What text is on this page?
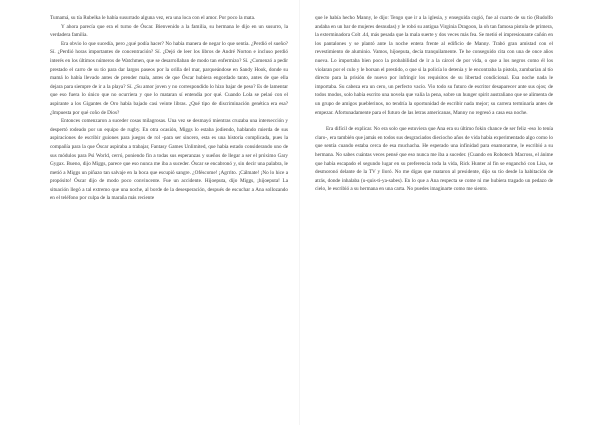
Tumamá, su tía Rubelka le había susurrado alguna vez, era una loca con el amor. Por poco la mata.

Y ahora parecía que era el turno de Óscar. Bienvenido a la familia, su hermana le dijo en un susurro, la verdadera familia.

Era obvio lo que sucedía, pero ¿qué podía hacer? No había manera de negar lo que sentía. ¿Perdió el sueño? Sí. ¿Perdió horas importantes de concentración? Sí. ¿Dejó de leer los libros de André Norton e incluso perdió interés en los últimos números de Watchmen, que se desarrollaban de modo tan enfermizo? Sí. ¿Comenzó a pedir prestado el carro de su tío para dar largos paseos por la orilla del mar, parqueándose en Sandy Hook, donde su mamá lo había llevado antes de prender mala, antes de que Óscar hubiera engordado tanto, antes de que ella dejara para siempre de ir a la playa? Sí. ¿Su amor joven y no correspondido lo hizo bajar de peso? Es de lamentar que eso fuera lo único que no ocurriera y que lo mataran sí entendía por qué. Cuando Lola se pelaó con el aspirante a los Gigantes de Oro había bajado casi veinte libras. ¿Qué tipo de discriminación genética era esa? ¿Impuesta por qué coño de Dios?

Entonces comenzaron a suceder cosas milagrosas. Una vez se desmayó mientras cruzaba una intersección y despertó rodeado por un equipo de rugby. En otra ocasión, Miggs lo estaba jodiendo, hablando mierda de sus aspiraciones de escribir guiones para juegos de rol -para ser sincero, esta es una historia complicada, pues la compañía para la que Óscar aspiraba a trabajar, Fantasy Games Unlimited, que había estado considerando uno de sus módulos para Psi World, cerró, poniendo fin a todas sus esperanzas y sueños de llegar a ser el próximo Gary Gygax. Bueno, dijo Miggs, parece que eso nunca me iba a suceder. Óscar se encabronó y, sin decir una palabra, le metió a Miggs un piñazo tan salvaje en la boca que escupió sangre. ¿Oféscome! ¡Agrrito. ¡Cálmate! ¡No lo hice a propósito! Óscar dijo de modo poco convincente. Fue un accidente. Hijoeputa, dijo Miggs, ¡hijoeputa! La situación llegó a tal extremo que una noche, al borde de la desesperación, después de escuchar a Ana sollozando en el teléfono por culpa de la maraña más reciente

que le había hecho Manny, le dijo: Tengo que ir a la iglesia, y enseguida cogió, fue al cuarto de su tío (Rudolfo andaba en un bar de mujeres desnudas) y le robó su antigua Virginia Dragoon, la oh tan famosa pistola de primera, la exterminadora Colt .44, más pesada que la mala suerte y dos veces más fea. Se metió el impresionante cañón en los pantalones y se plantó ante la noche entera frente al edificio de Manny. Trabó gran amistad con el revestimiento de aluminio. Vamos, hijoeputa, decía tranquilamente. Te he conseguido cita con una de once años nueva. Lo importaba bien poco la probabilidad de ir a la cárcel de por vida, o que a los negros como él los violaran por el culo y le borsan el prestido, o que si la policía lo detenía y le encontraba la pistola, zumbarían al tío directo para la prisión de nuevo por infringir los requisitos de su libertad condicional. Esa noche nada le importaba. Su cabeza era un cero, un perfecto vacío. Vio todo su futuro de escritor desaparecer ante sus ojos; de todos modos, solo había escrito una novela que valía la pena, sobre un hunger spirit australiano que se alimenta de un grupo de amigos pueblerinos, no tendría la oportunidad de escribir nada mejor; su carrera terminaría antes de empezar. Afortunadamente para el futuro de las letras americanas, Manny no regresó a casa esa noche.

Era difícil de explicar. No era solo que estuviera que Ana era su último fokin chance de ser feliz -eso lo tenía claro-, era también que jamás en todos sus desgraciados dieciocho años de vida había experimentado algo como lo que sentía cuando estaba cerca de esa muchacha. He esperado una infinidad para enamorarme, le escribió a su hermana. No sabes cuántas veces pensé que eso nunca me iba a suceder. (Cuando en Robotech Macross, el ánime que había escapado el segundo lugar en su preferencia toda la vida, Rick Hunter al fin se enganchó con Lisa, se desmoronó delante de la TV y lloró. No me digas que mataron al presidente, dijo su tío desde la habitación de atrás, donde inhalaba (u-quis-ti-ya-sabes). En lo que a Ana respecta se come ni me hubiera tragado un pedazo de cielo, le escribió a su hermana en una carta. No puedes imaginarte como me siento.
